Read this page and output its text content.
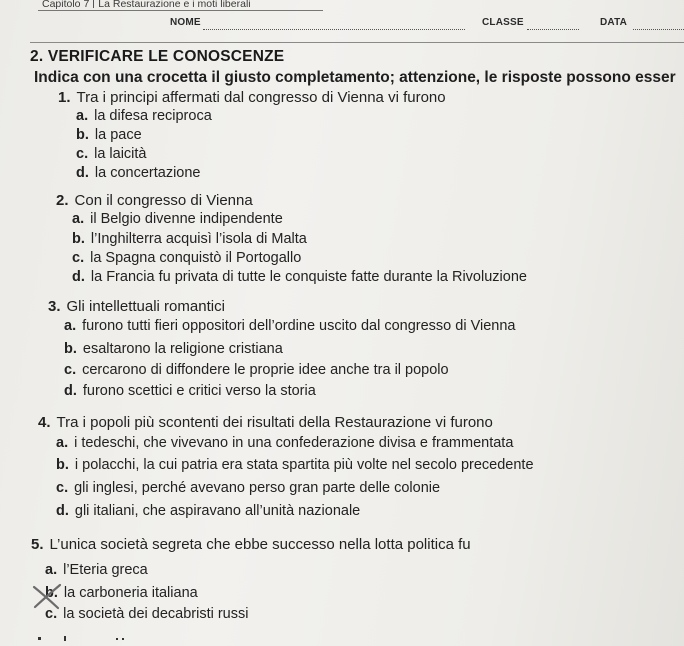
Capitolo 7 La Restaurazione e i moti liberali
NOME	CLASSE	DATA
2. VERIFICARE LE CONOSCENZE
Indica con una crocetta il giusto completamento; attenzione, le risposte possono esser
1. Tra i principi affermati dal congresso di Vienna vi furono
a. la difesa reciproca
b. la pace
c. la laicità
d. la concertazione
2. Con il congresso di Vienna
a. il Belgio divenne indipendente
b. l’Inghilterra acquisì l’isola di Malta
c. la Spagna conquistò il Portogallo
d. la Francia fu privata di tutte le conquiste fatte durante la Rivoluzione
3. Gli intellettuali romantici
a. furono tutti fieri oppositori dell’ordine uscito dal congresso di Vienna
b. esaltarono la religione cristiana
c. cercarono di diffondere le proprie idee anche tra il popolo
d. furono scettici e critici verso la storia
4. Tra i popoli più scontenti dei risultati della Restaurazione vi furono
a. i tedeschi, che vivevano in una confederazione divisa e frammentata
b. i polacchi, la cui patria era stata spartita più volte nel secolo precedente
c. gli inglesi, perché avevano perso gran parte delle colonie
d. gli italiani, che aspiravano all’unità nazionale
5. L’unica società segreta che ebbe successo nella lotta politica fu
a. l’Eteria greca
b. la carboneria italiana
c. la società dei decabristi russi
